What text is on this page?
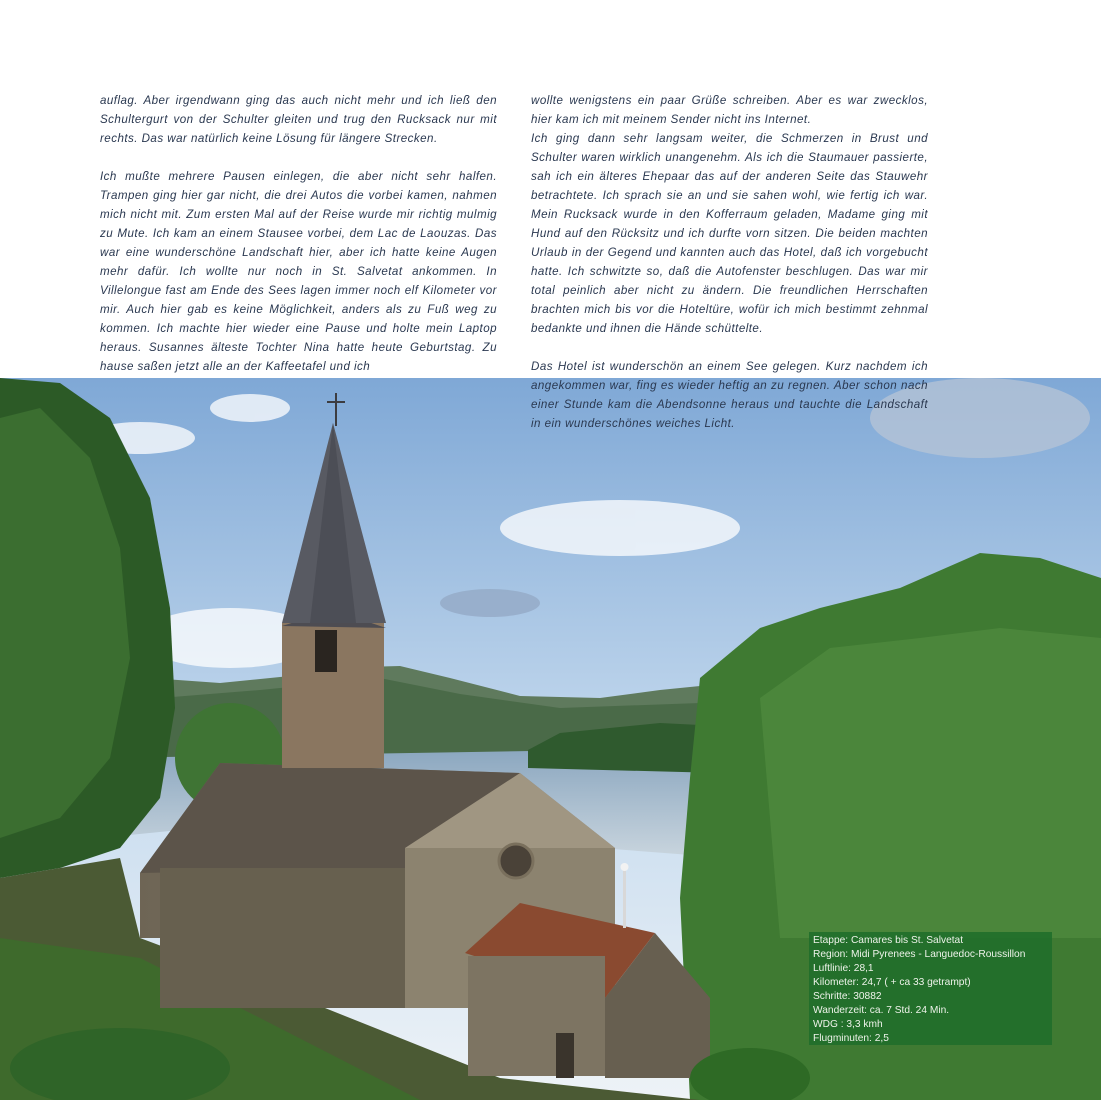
auflag. Aber irgendwann ging das auch nicht mehr und ich ließ den Schultergurt von der Schulter gleiten und trug den Rucksack nur mit rechts. Das war natürlich keine Lösung für längere Strecken.

Ich mußte mehrere Pausen einlegen, die aber nicht sehr halfen. Trampen ging hier gar nicht, die drei Autos die vorbei kamen, nahmen mich nicht mit. Zum ersten Mal auf der Reise wurde mir richtig mulmig zu Mute. Ich kam an einem Stausee vorbei, dem Lac de Laouzas. Das war eine wunderschöne Landschaft hier, aber ich hatte keine Augen mehr dafür. Ich wollte nur noch in St. Salvetat ankommen. In Villelongue fast am Ende des Sees lagen immer noch elf Kilometer vor mir. Auch hier gab es keine Möglichkeit, anders als zu Fuß weg zu kommen. Ich machte hier wieder eine Pause und holte mein Laptop heraus. Susannes älteste Tochter Nina hatte heute Geburtstag. Zu hause saßen jetzt alle an der Kaffeetafel und ich

wollte wenigstens ein paar Grüße schreiben. Aber es war zwecklos, hier kam ich mit meinem Sender nicht ins Internet.

Ich ging dann sehr langsam weiter, die Schmerzen in Brust und Schulter waren wirklich unangenehm. Als ich die Staumauer passierte, sah ich ein älteres Ehepaar das auf der anderen Seite das Stauwehr betrachtete. Ich sprach sie an und sie sahen wohl, wie fertig ich war. Mein Rucksack wurde in den Kofferraum geladen, Madame ging mit Hund auf den Rücksitz und ich durfte vorn sitzen. Die beiden machten Urlaub in der Gegend und kannten auch das Hotel, daß ich vorgebucht hatte. Ich schwitzte so, daß die Autofenster beschlugen. Das war mir total peinlich aber nicht zu ändern. Die freundlichen Herrschaften brachten mich bis vor die Hoteltüre, wofür ich mich bestimmt zehnmal bedankte und ihnen die Hände schüttelte.

Das Hotel ist wunderschön an einem See gelegen. Kurz nachdem ich angekommen war, fing es wieder heftig an zu regnen. Aber schon nach einer Stunde kam die Abendsonne heraus und tauchte die Landschaft in ein wunderschönes weiches Licht.

Etappe: Camares bis St. Salvetat
Region: Midi Pyrenees - Languedoc-Roussillon
Luftlinie: 28,1
Kilometer: 24,7 ( + ca 33 getrampt)
Schritte: 30882
Wanderzeit: ca. 7 Std. 24 Min.
WDG : 3,3 kmh
Flugminuten: 2,5
